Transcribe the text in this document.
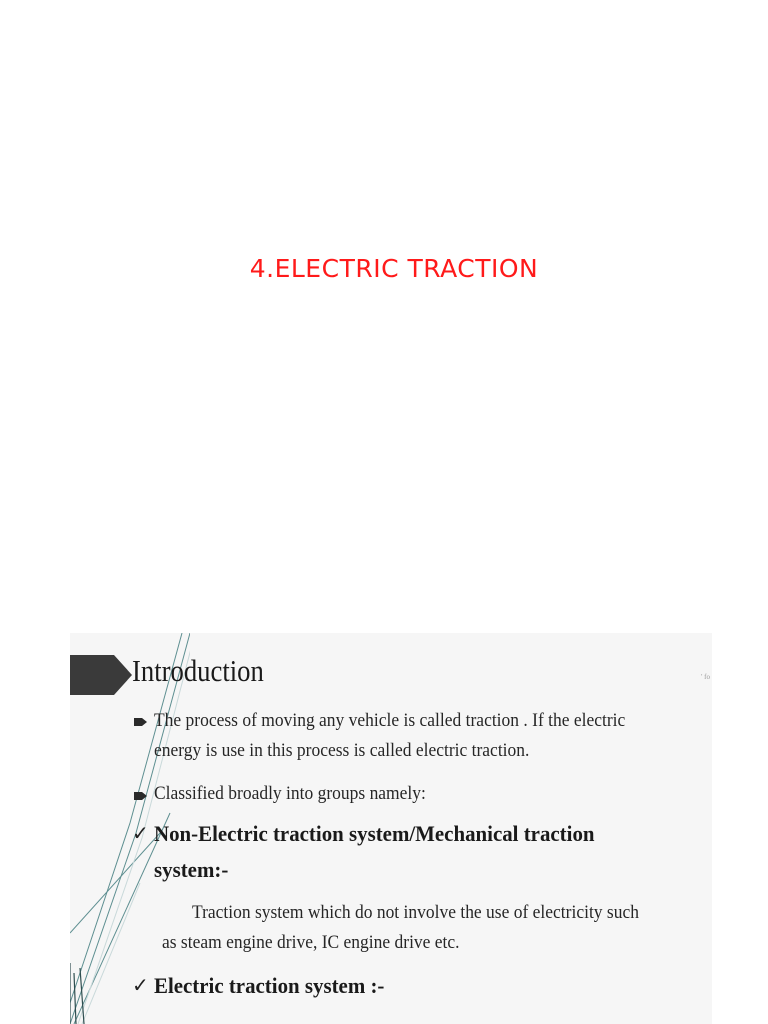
4.ELECTRIC TRACTION
Introduction	' fo
The process of moving any vehicle is called traction . If the electric
energy is use in this process is called electric traction.
Classified broadly into groups namely:
✓ Non-Electric traction system/Mechanical traction
system:-
Traction system which do not involve the use of electricity such
as steam engine drive, IC engine drive etc.
✓ Electric traction system :-
